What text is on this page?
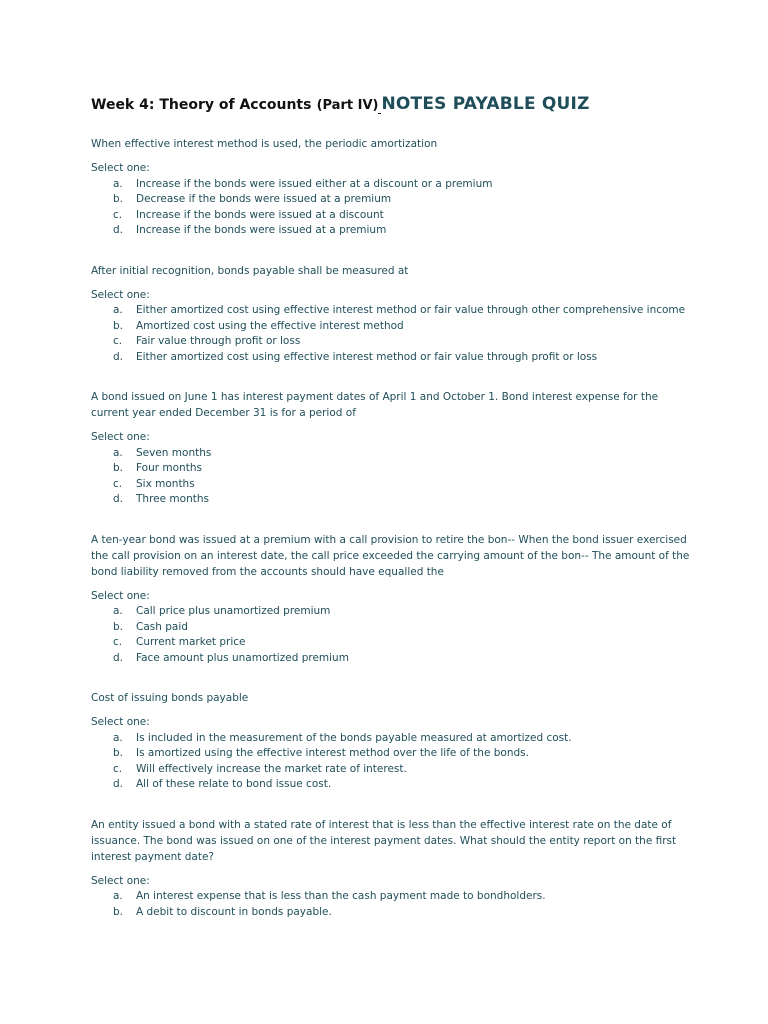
Week 4: Theory of Accounts (Part IV) NOTES PAYABLE QUIZ

When effective interest method is used, the periodic amortization

Select one:

a.	Increase if the bonds were issued either at a discount or a premium
b.	Decrease if the bonds were issued at a premium
c.	Increase if the bonds were issued at a discount
d.	Increase if the bonds were issued at a premium

After initial recognition, bonds payable shall be measured at

Select one:

a.	Either amortized cost using effective interest method or fair value through other comprehensive income
b.	Amortized cost using the effective interest method
c.	Fair value through profit or loss
d.	Either amortized cost using effective interest method or fair value through profit or loss

A bond issued on June 1 has interest payment dates of April 1 and October 1. Bond interest expense for the current year ended December 31 is for a period of

Select one:

a.	Seven months
b.	Four months
c.	Six months
d.	Three months

A ten-year bond was issued at a premium with a call provision to retire the bon-- When the bond issuer exercised the call provision on an interest date, the call price exceeded the carrying amount of the bon-- The amount of the bond liability removed from the accounts should have equalled the

Select one:

a.	Call price plus unamortized premium
b.	Cash paid
c.	Current market price
d.	Face amount plus unamortized premium

Cost of issuing bonds payable

Select one:

a.	Is included in the measurement of the bonds payable measured at amortized cost.
b.	Is amortized using the effective interest method over the life of the bonds.
c.	Will effectively increase the market rate of interest.
d.	All of these relate to bond issue cost.

An entity issued a bond with a stated rate of interest that is less than the effective interest rate on the date of issuance. The bond was issued on one of the interest payment dates. What should the entity report on the first interest payment date?

Select one:

a.	An interest expense that is less than the cash payment made to bondholders.
b.	A debit to discount in bonds payable.
